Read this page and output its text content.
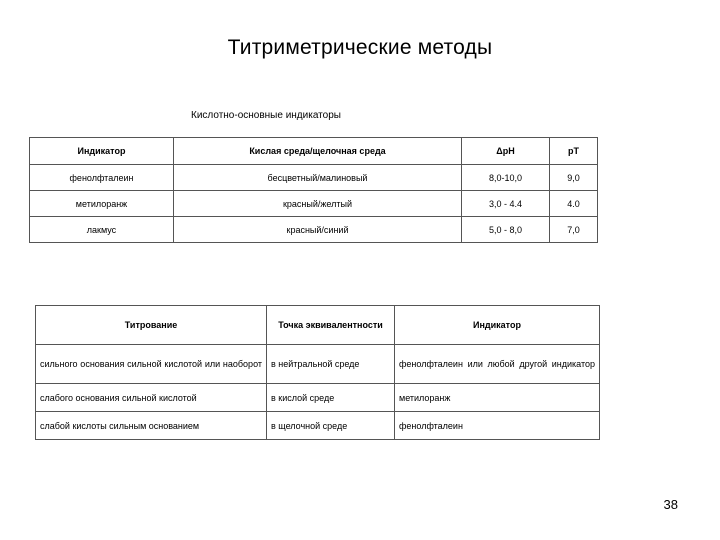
Титриметрические методы
Кислотно-основные индикаторы
Индикатор	Кислая среда/щелочная среда	ΔpH	pT
фенолфталеин	бесцветный/малиновый	8,0-10,0	9,0
метилоранж	красный/желтый	3,0 - 4.4	4.0
лакмус	красный/синий	5,0 - 8,0	7,0
Титрование	Точка эквивалентности	Индикатор
сильного основания сильной кислотой или наоборот	в нейтральной среде	фенолфталеин или любой другой индикатор
слабого основания сильной кислотой	в кислой среде	метилоранж
слабой кислоты сильным основанием	в щелочной среде	фенолфталеин
38
